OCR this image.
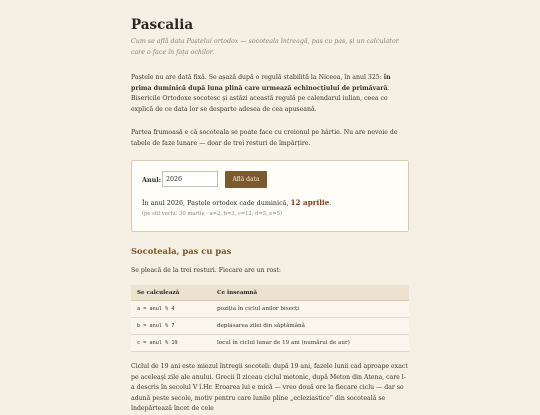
Pascalia
Cum se află data Paștelui ortodox — socoteala întreagă, pas cu pas, și un calculator care o face în fața ochilor.

Paștele nu are dată fixă. Se așază după o regulă stabilită la Niceea, în anul 325: în prima duminică după luna plină care urmează echinocțiului de primăvară. Bisericile Ortodoxe socotesc și astăzi această regulă pe calendarul iulian, ceea ce explică de ce data lor se desparte adesea de cea apuseană.

Partea frumoasă e că socoteala se poate face cu creionul pe hârtie. Nu are nevoie de tabele de faze lunare — doar de trei resturi de împărțire.

Anul:
2026	Află data
În anul 2026, Paștele ortodox cade duminică, 12 aprilie.
(pe stil vechi: 30 martie · a=2, b=3, c=12, d=5, e=5)
Socoteala, pas cu pas

Se pleacă de la trei resturi. Fiecare are un rost:

Se calculează	Ce înseamnă
a = anul % 4	poziția în ciclul anilor bisecți
b = anul % 7	deplasarea zilei din săptămână
c = anul % 19	locul în ciclul lunar de 19 ani (numărul de aur)

Ciclul de 19 ani este miezul întregii socoteli: după 19 ani, fazele lunii cad aproape exact pe aceleași zile ale anului. Grecii îl ziceau ciclul metonic, după Meton din Atena, care l-a descris în secolul V î.Hr. Eroarea lui e mică — vreo două ore la fiecare ciclu — dar se adună peste secole, motiv pentru care lunile pline „ecleziastice” din socoteală se îndepărtează încet de cele
